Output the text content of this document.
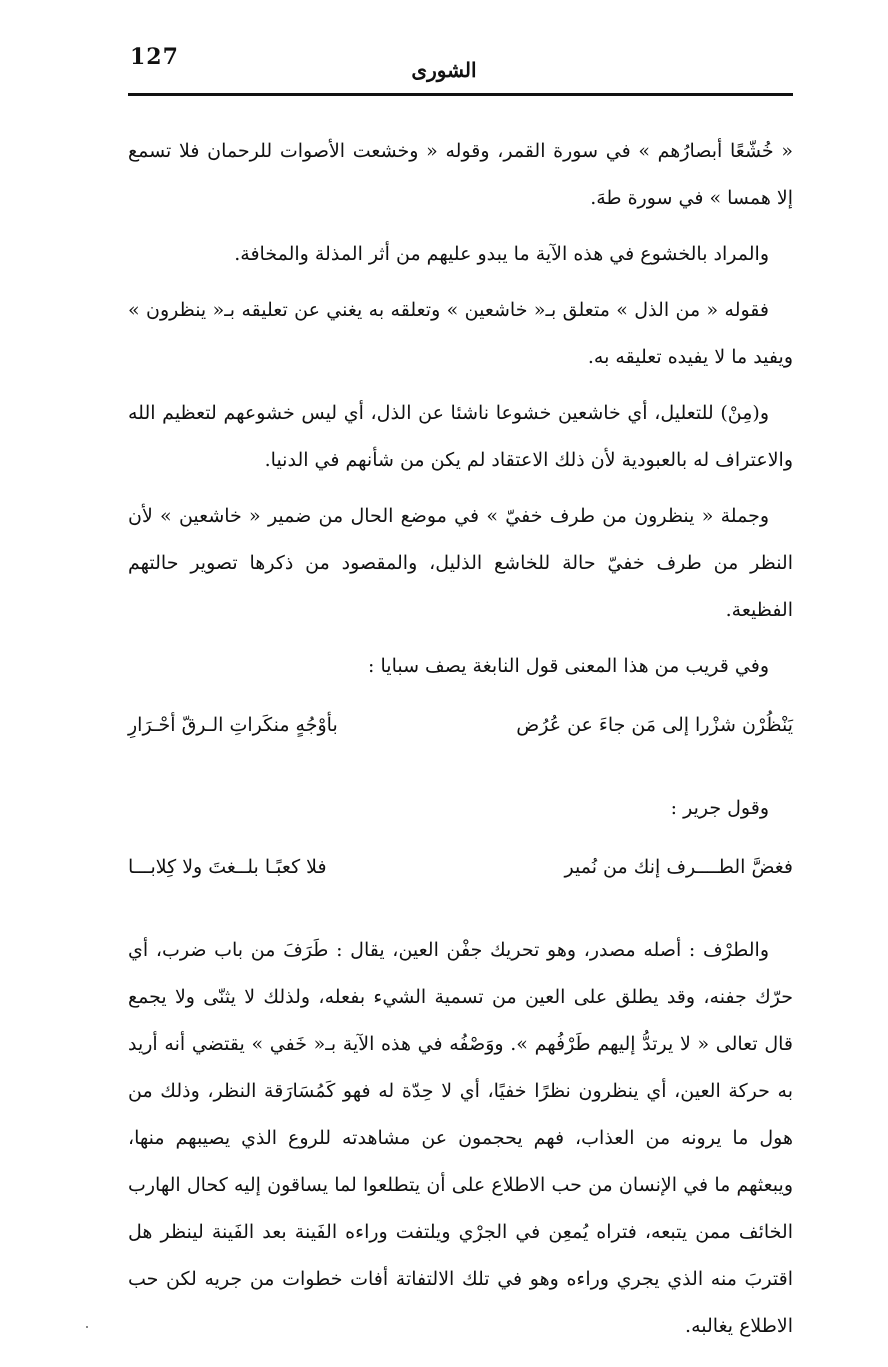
127	الشورى

« خُشّعًا أبصارُهم » في سورة القمر، وقوله « وخشعت الأصوات للرحمان فلا تسمع إلا همسا » في سورة طهَ.

والمراد بالخشوع في هذه الآية ما يبدو عليهم من أثر المذلة والمخافة.

فقوله « من الذل » متعلق بـ« خاشعين » وتعلقه به يغني عن تعليقه بـ« ينظرون » ويفيد ما لا يفيده تعليقه به.

و(مِنْ) للتعليل، أي خاشعين خشوعا ناشئا عن الذل، أي ليس خشوعهم لتعظيم الله والاعتراف له بالعبودية لأن ذلك الاعتقاد لم يكن من شأنهم في الدنيا.

وجملة « ينظرون من طرف خفيّ » في موضع الحال من ضمير « خاشعين » لأن النظر من طرف خفيّ حالة للخاشع الذليل، والمقصود من ذكرها تصوير حالتهم الفظيعة.

وفي قريب من هذا المعنى قول النابغة يصف سبايا :

يَنْظُرْن شزْرا إلى مَن جاءَ عن عُرُض
بأوْجُهٍ منكَراتِ الـرقّ أحْـرَارِ

وقول جرير :

فغضَّ الطــــرف إنك من نُمير
فلا كعبًـا بلــغتَ ولا كِلابـــا

والطرْف : أصله مصدر، وهو تحريك جفْن العين، يقال : طَرَفَ من باب ضرب، أي حرّك جفنه، وقد يطلق على العين من تسمية الشيء بفعله، ولذلك لا يثنّى ولا يجمع قال تعالى « لا يرتدُّ إليهم طَرْفُهم ». ووَصْفُه في هذه الآية بـ« خَفي » يقتضي أنه أريد به حركة العين، أي ينظرون نظرًا خفيًا، أي لا حِدّة له فهو كَمُسَارَقة النظر، وذلك من هول ما يرونه من العذاب، فهم يحجمون عن مشاهدته للروع الذي يصيبهم منها، ويبعثهم ما في الإنسان من حب الاطلاع على أن يتطلعوا لما يساقون إليه كحال الهارب الخائف ممن يتبعه، فتراه يُمعِن في الجرْي ويلتفت وراءه الفَينة بعد الفَينة لينظر هل اقتربَ منه الذي يجري وراءه وهو في تلك الالتفاتة أفات خطوات من جريه لكن حب الاطلاع يغالبه.
